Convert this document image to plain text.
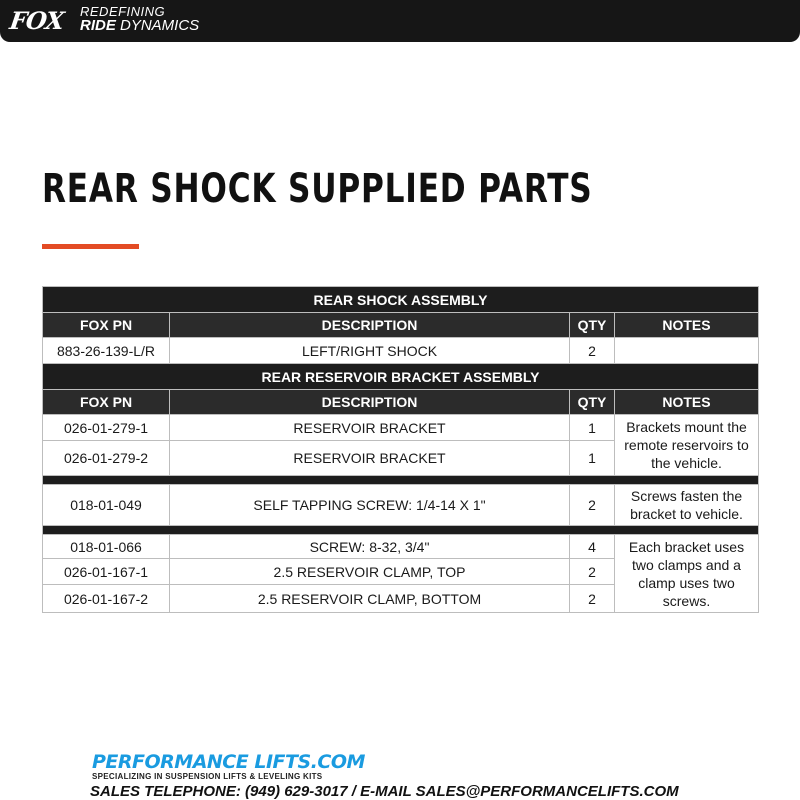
FOX REDEFINING
RIDE DYNAMICS
REAR SHOCK SUPPLIED PARTS
REAR SHOCK ASSEMBLY			
FOX PN	DESCRIPTION	QTY	NOTES
883-26-139-L/R	LEFT/RIGHT SHOCK	2	
REAR RESERVOIR BRACKET ASSEMBLY			
FOX PN	DESCRIPTION	QTY	NOTES
026-01-279-1	RESERVOIR BRACKET	1	Brackets mount the remote reservoirs to the vehicle.
026-01-279-2	RESERVOIR BRACKET	1	

018-01-049	SELF TAPPING SCREW: 1/4-14 X 1"	2	Screws fasten the bracket to vehicle.

018-01-066	SCREW: 8-32, 3/4"	4	Each bracket uses two clamps and a clamp uses two screws.
026-01-167-1	2.5 RESERVOIR CLAMP, TOP	2	
026-01-167-2	2.5 RESERVOIR CLAMP, BOTTOM	2	
PERFORMANCE LIFTS.COM
SPECIALIZING IN SUSPENSION LIFTS & LEVELING KITS
SALES TELEPHONE: (949) 629-3017 / E-MAIL SALES@PERFORMANCELIFTS.COM
